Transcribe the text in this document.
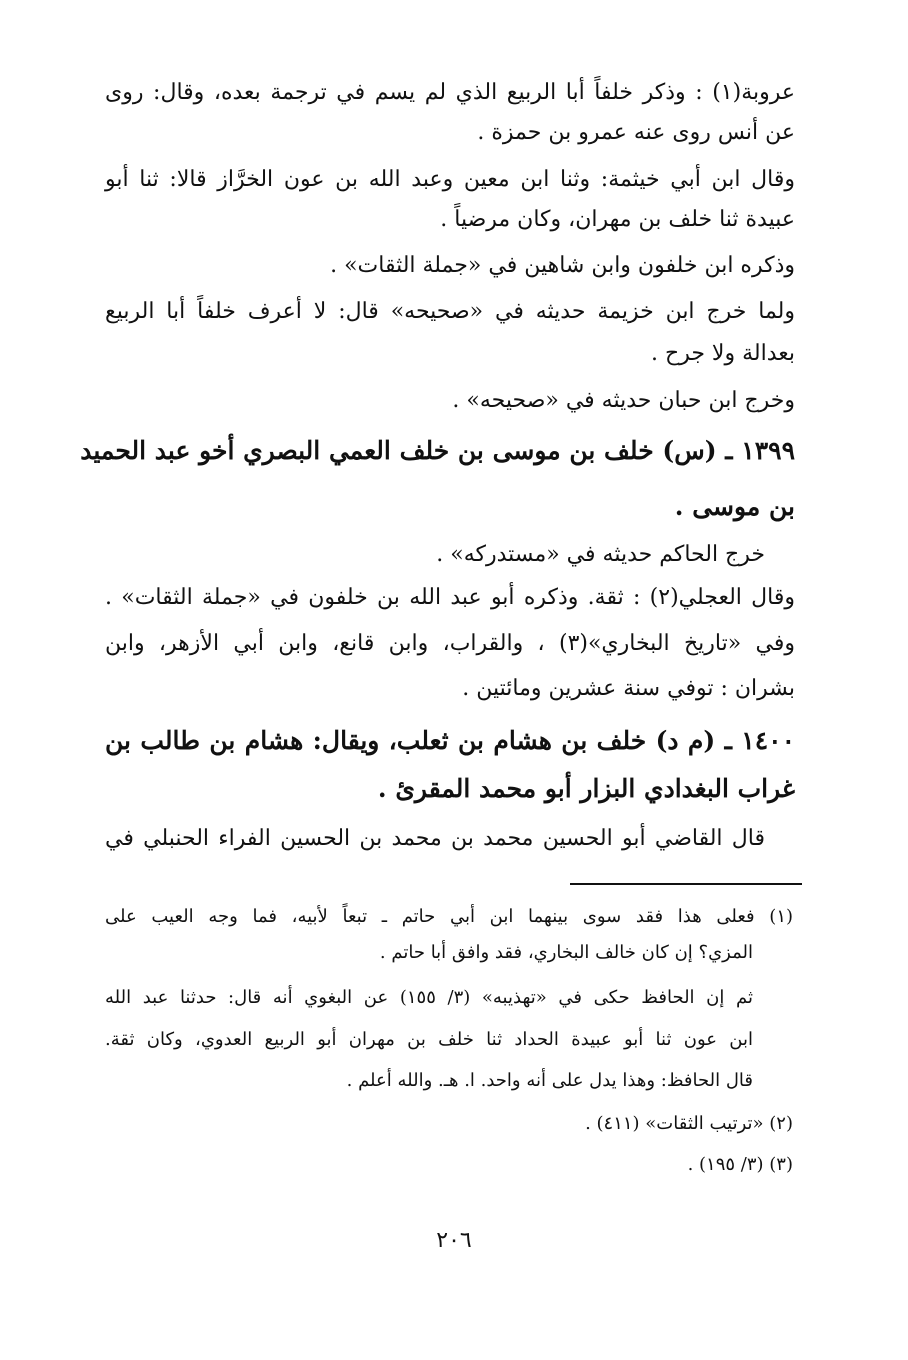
عروبة(١) : وذكر خلفاً أبا الربيع الذي لم يسم في ترجمة بعده، وقال: روى
عن أنس روى عنه عمرو بن حمزة .
وقال ابن أبي خيثمة: وثنا ابن معين وعبد الله بن عون الخرَّاز قالا: ثنا أبو
عبيدة ثنا خلف بن مهران، وكان مرضياً .
وذكره ابن خلفون وابن شاهين في «جملة الثقات» .
ولما خرج ابن خزيمة حديثه في «صحيحه» قال: لا أعرف خلفاً أبا الربيع
بعدالة ولا جرح .
وخرج ابن حبان حديثه في «صحيحه» .
١٣٩٩ ـ (س) خلف بن موسى بن خلف العمي البصري أخو عبد الحميد
بن موسى .
خرج الحاكم حديثه في «مستدركه» .
وقال العجلي(٢) : ثقة. وذكره أبو عبد الله بن خلفون في «جملة الثقات» .
وفي «تاريخ البخاري»(٣) ، والقراب، وابن قانع، وابن أبي الأزهر، وابن
بشران : توفي سنة عشرين ومائتين .
١٤٠٠ ـ (م د) خلف بن هشام بن ثعلب، ويقال: هشام بن طالب بن
غراب البغدادي البزار أبو محمد المقرئ .
قال القاضي أبو الحسين محمد بن محمد بن الحسين الفراء الحنبلي في
(١) فعلى هذا فقد سوى بينهما ابن أبي حاتم ـ تبعاً لأبيه، فما وجه العيب على
المزي؟ إن كان خالف البخاري، فقد وافق أبا حاتم .
ثم إن الحافظ حكى في «تهذيبه» (٣/ ١٥٥) عن البغوي أنه قال: حدثنا عبد الله
ابن عون ثنا أبو عبيدة الحداد ثنا خلف بن مهران أبو الربيع العدوي، وكان ثقة.
قال الحافظ: وهذا يدل على أنه واحد. ا. هـ. والله أعلم .
(٢) «ترتيب الثقات» (٤١١) .
(٣) (٣/ ١٩٥) .
٢٠٦
